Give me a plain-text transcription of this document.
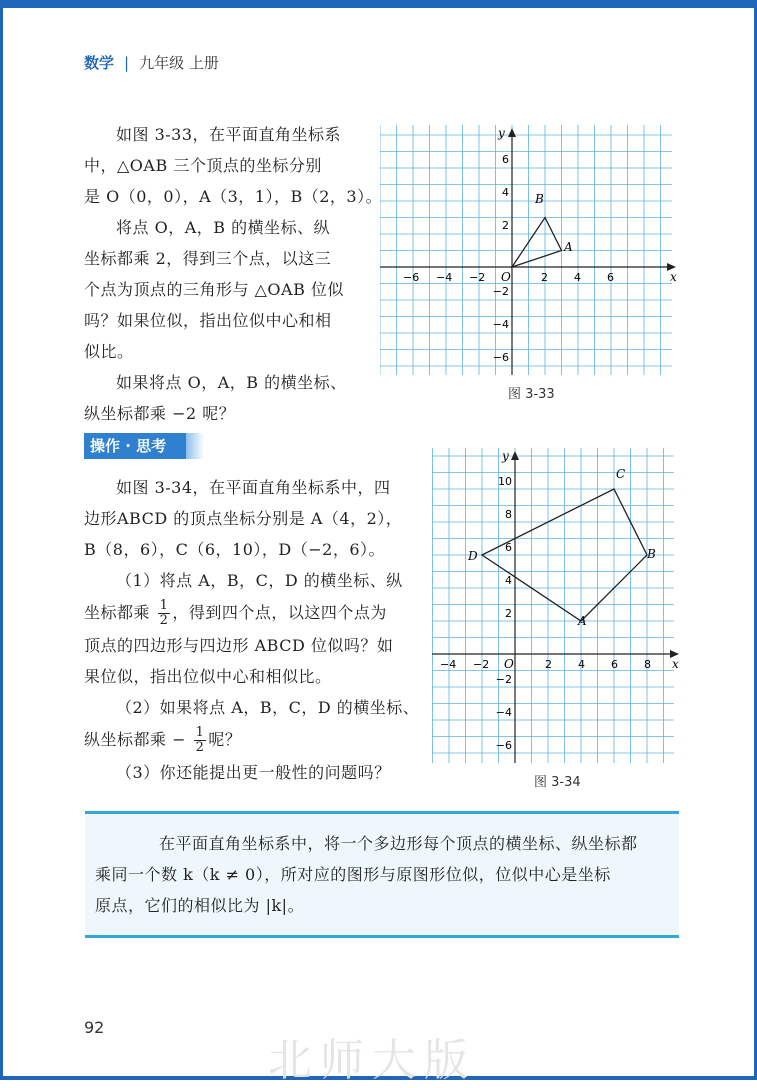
数学 | 九年级 上册
如图 3-33，在平面直角坐标系
中，△OAB 三个顶点的坐标分别
是 O（0，0），A（3，1），B（2，3）。
将点 O，A，B 的横坐标、纵
坐标都乘 2，得到三个点，以这三
个点为顶点的三角形与 △OAB 位似
吗？如果位似，指出位似中心和相
似比。
如果将点 O，A，B 的横坐标、
纵坐标都乘 −2 呢？
x
y
O
−6 −4 −2	2 4 6
6
4
2
−2
−4
−6
A
B
图 3-33
操作 · 思考
如图 3-34，在平面直角坐标系中，四
边形ABCD 的顶点坐标分别是 A（4，2），
B（8，6），C（6，10），D（−2，6）。
（1）将点 A，B，C，D 的横坐标、纵
坐标都乘 $\frac{1}{2}$ ，得到四个点，以这四个点为
顶点的四边形与四边形 ABCD 位似吗？如
果位似，指出位似中心和相似比。
（2）如果将点 A，B，C，D 的横坐标、
纵坐标都乘 − $\frac{1}{2}$ 呢？
（3）你还能提出更一般性的问题吗？
x
y
O
−4 −2	2 4 6 8
10
8
6
4
2
−2
−4
−6
A
B
C
D
图 3-34
在平面直角坐标系中，将一个多边形每个顶点的横坐标、纵坐标都
乘同一个数 k（k ≠ 0），所对应的图形与原图形位似，位似中心是坐标
原点，它们的相似比为 |k|。
92
北师大版
